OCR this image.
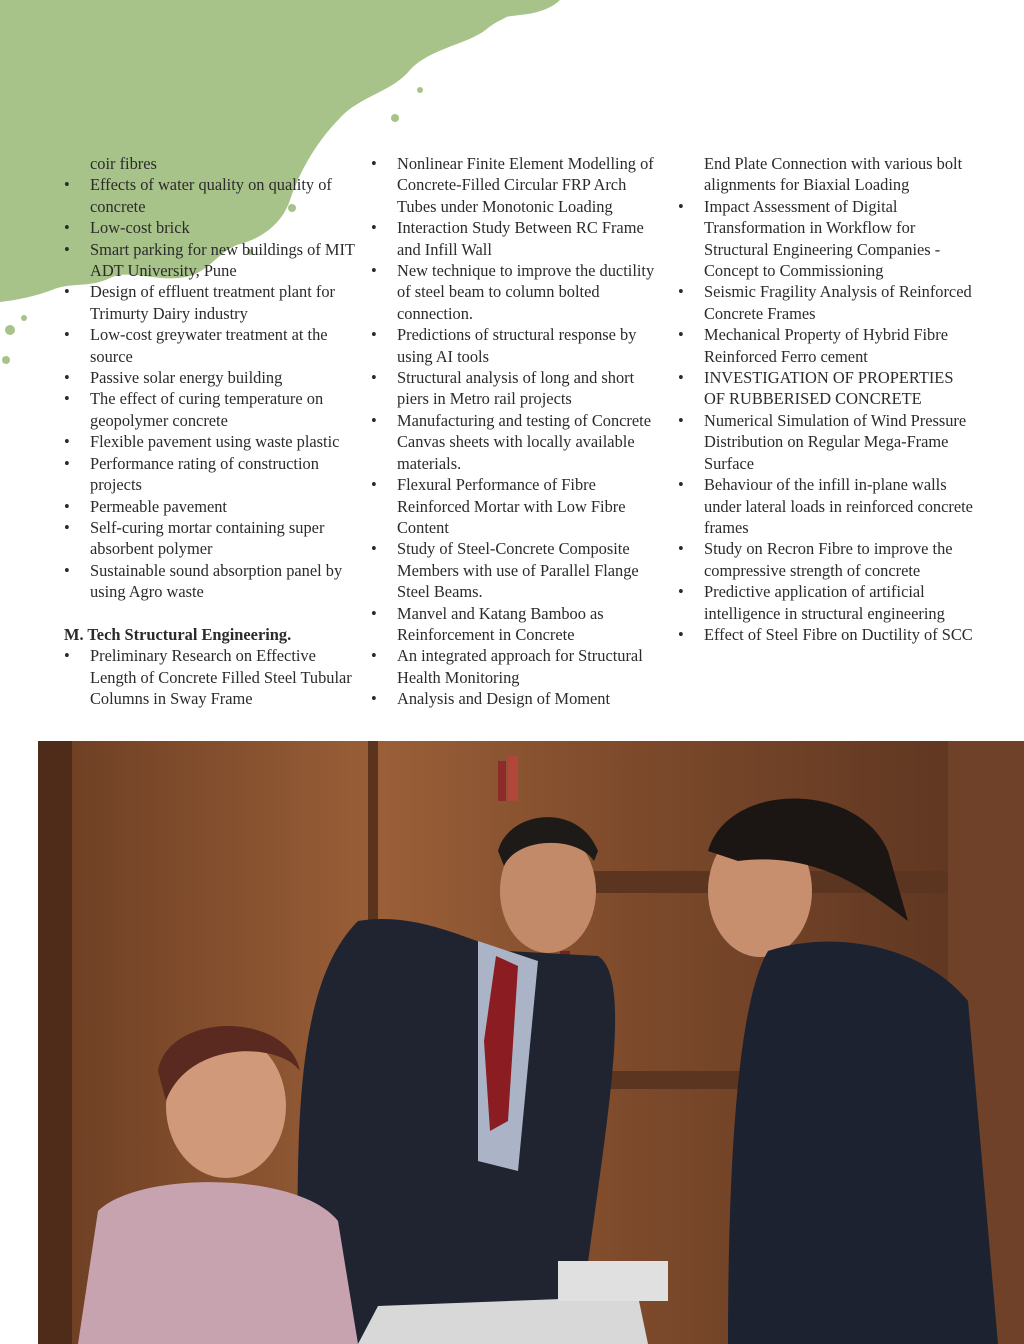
coir fibres
• Effects of water quality on quality of concrete
• Low-cost brick
• Smart parking for new buildings of MIT ADT University, Pune
• Design of effluent treatment plant for Trimurty Dairy industry
• Low-cost greywater treatment at the source
• Passive solar energy building
• The effect of curing temperature on geopolymer concrete
• Flexible pavement using waste plastic
• Performance rating of construction projects
• Permeable pavement
• Self-curing mortar containing super absorbent polymer
• Sustainable sound absorption panel by using Agro waste
M. Tech Structural Engineering.
• Preliminary Research on Effective Length of Concrete Filled Steel Tubular Columns in Sway Frame
• Nonlinear Finite Element Modelling of Concrete-Filled Circular FRP Arch Tubes under Monotonic Loading
• Interaction Study Between RC Frame and Infill Wall
• New technique to improve the ductility of steel beam to column bolted connection.
• Predictions of structural response by using AI tools
• Structural analysis of long and short piers in Metro rail projects
• Manufacturing and testing of Concrete Canvas sheets with locally available materials.
• Flexural Performance of Fibre Reinforced Mortar with Low Fibre Content
• Study of Steel-Concrete Composite Members with use of Parallel Flange Steel Beams.
• Manvel and Katang Bamboo as Reinforcement in Concrete
• An integrated approach for Structural Health Monitoring
• Analysis and Design of Moment
End Plate Connection with various bolt alignments for Biaxial Loading
• Impact Assessment of Digital Transformation in Workflow for Structural Engineering Companies - Concept to Commissioning
• Seismic Fragility Analysis of Reinforced Concrete Frames
• Mechanical Property of Hybrid Fibre Reinforced Ferro cement
• INVESTIGATION OF PROPERTIES OF RUBBERISED CONCRETE
• Numerical Simulation of Wind Pressure Distribution on Regular Mega-Frame Surface
• Behaviour of the infill in-plane walls under lateral loads in reinforced concrete frames
• Study on Recron Fibre to improve the compressive strength of concrete
• Predictive application of artificial intelligence in structural engineering
• Effect of Steel Fibre on Ductility of SCC
